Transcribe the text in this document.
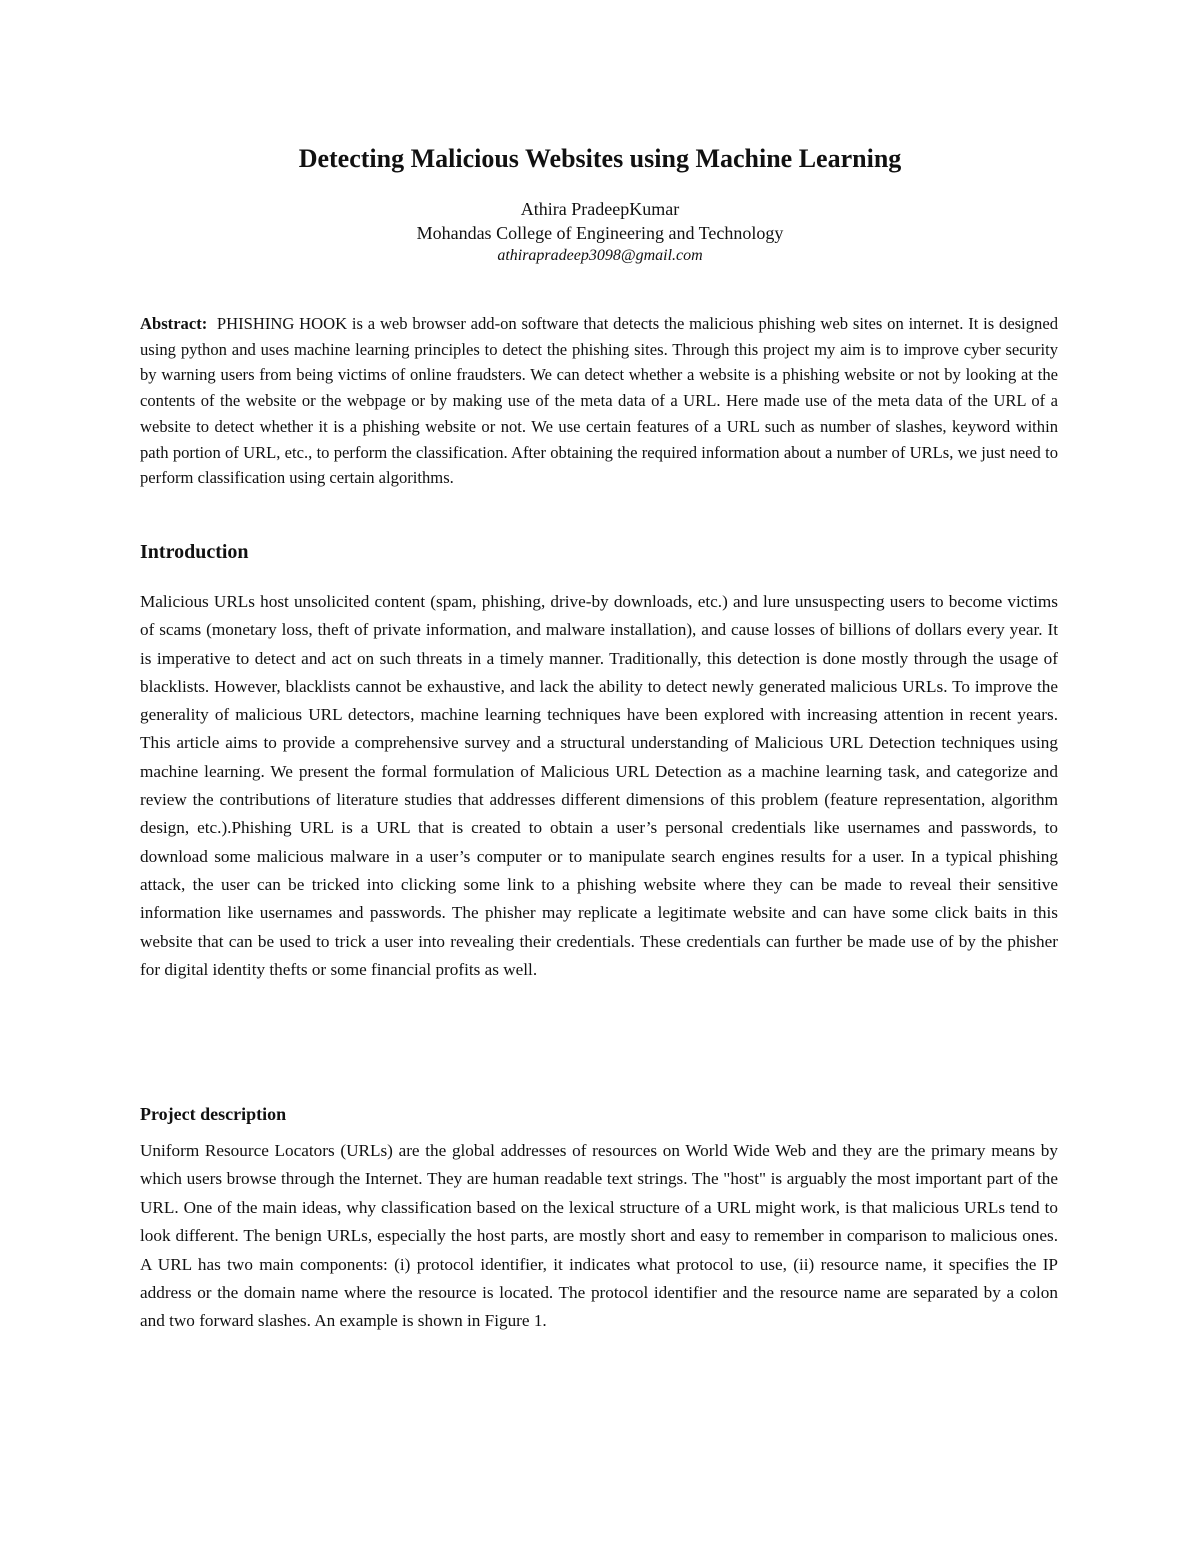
Detecting Malicious Websites using Machine Learning
Athira PradeepKumar
Mohandas College of Engineering and Technology
athirapradeep3098@gmail.com

Abstract: PHISHING HOOK is a web browser add-on software that detects the malicious phishing web sites on internet. It is designed using python and uses machine learning principles to detect the phishing sites. Through this project my aim is to improve cyber security by warning users from being victims of online fraudsters. We can detect whether a website is a phishing website or not by looking at the contents of the website or the webpage or by making use of the meta data of a URL. Here made use of the meta data of the URL of a website to detect whether it is a phishing website or not. We use certain features of a URL such as number of slashes, keyword within path portion of URL, etc., to perform the classification. After obtaining the required information about a number of URLs, we just need to perform classification using certain algorithms.

Introduction

Malicious URLs host unsolicited content (spam, phishing, drive-by downloads, etc.) and lure unsuspecting users to become victims of scams (monetary loss, theft of private information, and malware installation), and cause losses of billions of dollars every year. It is imperative to detect and act on such threats in a timely manner. Traditionally, this detection is done mostly through the usage of blacklists. However, blacklists cannot be exhaustive, and lack the ability to detect newly generated malicious URLs. To improve the generality of malicious URL detectors, machine learning techniques have been explored with increasing attention in recent years. This article aims to provide a comprehensive survey and a structural understanding of Malicious URL Detection techniques using machine learning. We present the formal formulation of Malicious URL Detection as a machine learning task, and categorize and review the contributions of literature studies that addresses different dimensions of this problem (feature representation, algorithm design, etc.).Phishing URL is a URL that is created to obtain a user’s personal credentials like usernames and passwords, to download some malicious malware in a user’s computer or to manipulate search engines results for a user. In a typical phishing attack, the user can be tricked into clicking some link to a phishing website where they can be made to reveal their sensitive information like usernames and passwords. The phisher may replicate a legitimate website and can have some click baits in this website that can be used to trick a user into revealing their credentials. These credentials can further be made use of by the phisher for digital identity thefts or some financial profits as well.

Project description

Uniform Resource Locators (URLs) are the global addresses of resources on World Wide Web and they are the primary means by which users browse through the Internet. They are human readable text strings. The "host" is arguably the most important part of the URL. One of the main ideas, why classification based on the lexical structure of a URL might work, is that malicious URLs tend to look different. The benign URLs, especially the host parts, are mostly short and easy to remember in comparison to malicious ones. A URL has two main components: (i) protocol identifier, it indicates what protocol to use, (ii) resource name, it specifies the IP address or the domain name where the resource is located. The protocol identifier and the resource name are separated by a colon and two forward slashes. An example is shown in Figure 1.
